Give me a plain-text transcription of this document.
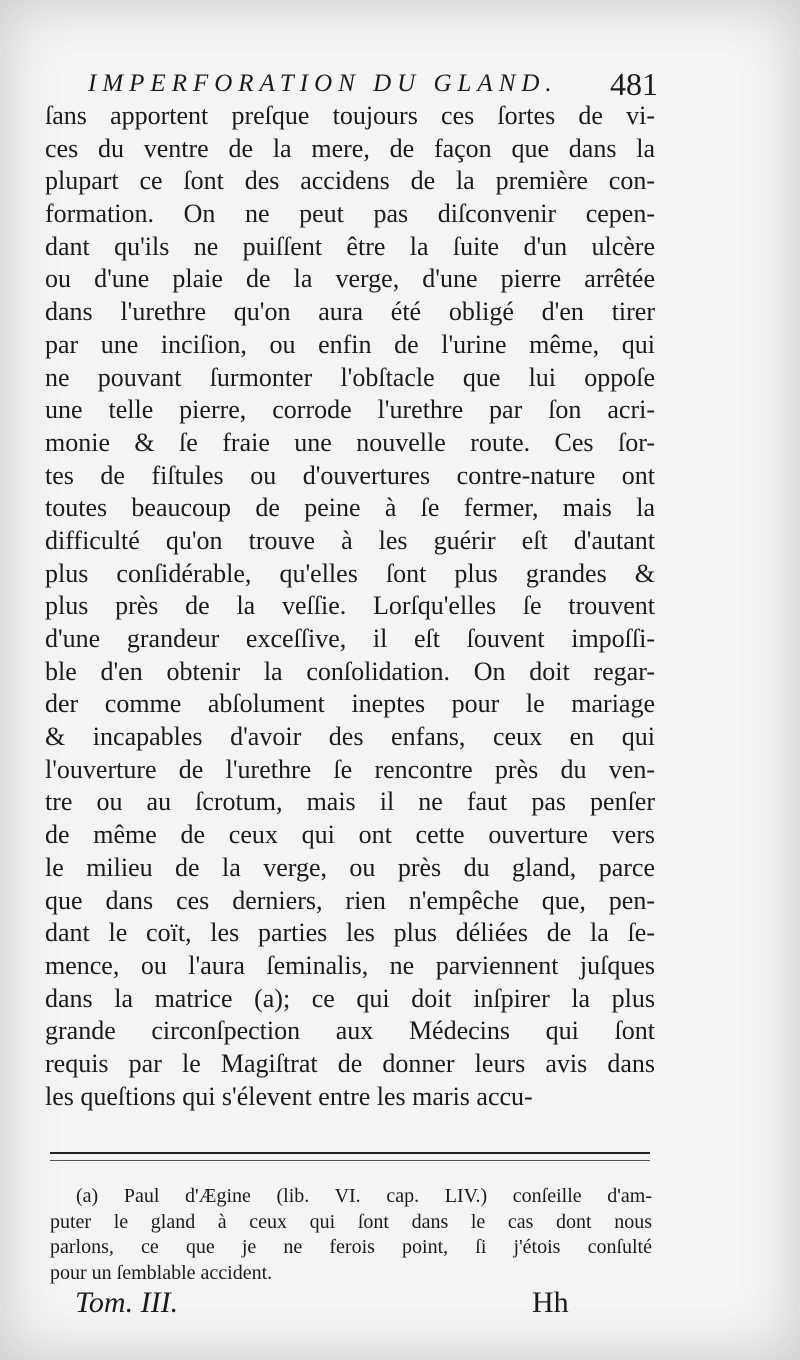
IMPERFORATION DU GLAND. 481
ſans apportent preſque toujours ces ſortes de vi-
ces du ventre de la mere, de façon que dans la
plupart ce ſont des accidens de la première con-
formation. On ne peut pas diſconvenir cepen-
dant qu'ils ne puiſſent être la ſuite d'un ulcère
ou d'une plaie de la verge, d'une pierre arrêtée
dans l'urethre qu'on aura été obligé d'en tirer
par une inciſion, ou enfin de l'urine même, qui
ne pouvant ſurmonter l'obſtacle que lui oppoſe
une telle pierre, corrode l'urethre par ſon acri-
monie & ſe fraie une nouvelle route. Ces ſor-
tes de fiſtules ou d'ouvertures contre-nature ont
toutes beaucoup de peine à ſe fermer, mais la
difficulté qu'on trouve à les guérir eſt d'autant
plus conſidérable, qu'elles ſont plus grandes &
plus près de la veſſie. Lorſqu'elles ſe trouvent
d'une grandeur exceſſive, il eſt ſouvent impoſſi-
ble d'en obtenir la conſolidation. On doit regar-
der comme abſolument ineptes pour le mariage
& incapables d'avoir des enfans, ceux en qui
l'ouverture de l'urethre ſe rencontre près du ven-
tre ou au ſcrotum, mais il ne faut pas penſer
de même de ceux qui ont cette ouverture vers
le milieu de la verge, ou près du gland, parce
que dans ces derniers, rien n'empêche que, pen-
dant le coït, les parties les plus déliées de la ſe-
mence, ou l'aura ſeminalis, ne parviennent juſques
dans la matrice (a); ce qui doit inſpirer la plus
grande circonſpection aux Médecins qui ſont
requis par le Magiſtrat de donner leurs avis dans
les queſtions qui s'élevent entre les maris accu-
(a) Paul d'Ægine (lib. VI. cap. LIV.) conſeille d'am-
puter le gland à ceux qui ſont dans le cas dont nous
parlons, ce que je ne ferois point, ſi j'étois conſulté
pour un ſemblable accident.
Tom. III.	Hh
